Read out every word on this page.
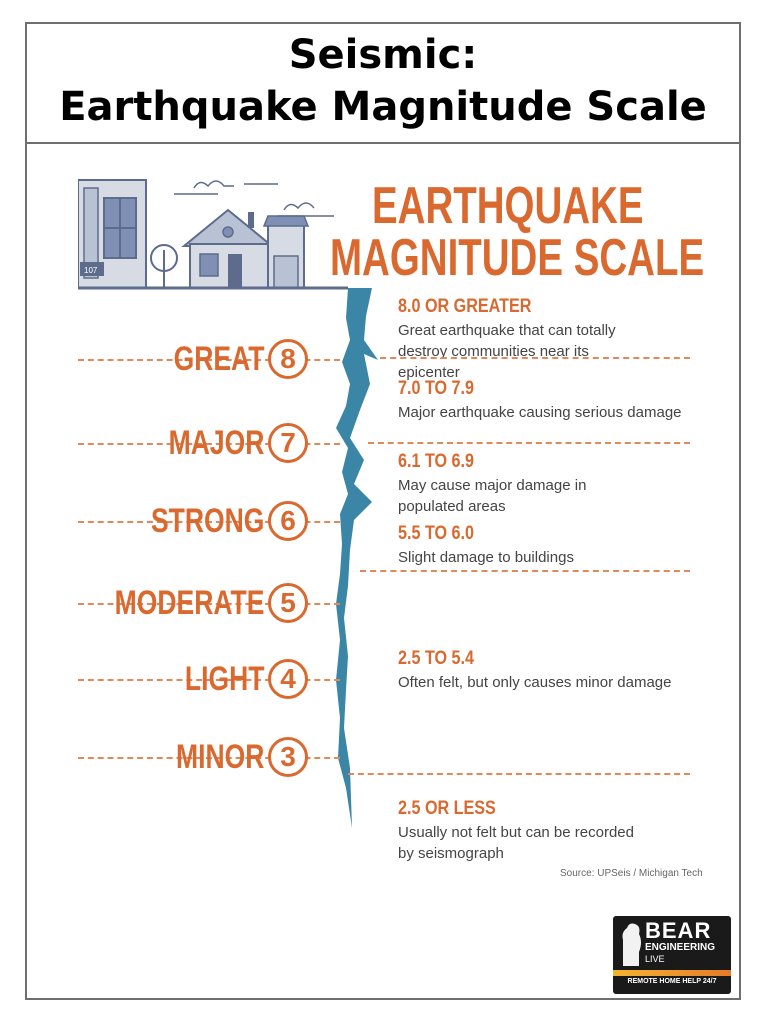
Seismic:
Earthquake Magnitude Scale
107
EARTHQUAKE
MAGNITUDE SCALE
GREAT 8
MAJOR 7
STRONG 6
MODERATE 5
LIGHT 4
MINOR 3
8.0 OR GREATER
Great earthquake that can totally destroy communities near its epicenter
7.0 TO 7.9
Major earthquake causing serious damage
6.1 TO 6.9
May cause major damage in populated areas
5.5 TO 6.0
Slight damage to buildings
2.5 TO 5.4
Often felt, but only causes minor damage
2.5 OR LESS
Usually not felt but can be recorded by seismograph
Source: UPSeis / Michigan Tech
BEAR
ENGINEERING
LIVE
REMOTE HOME HELP 24/7
